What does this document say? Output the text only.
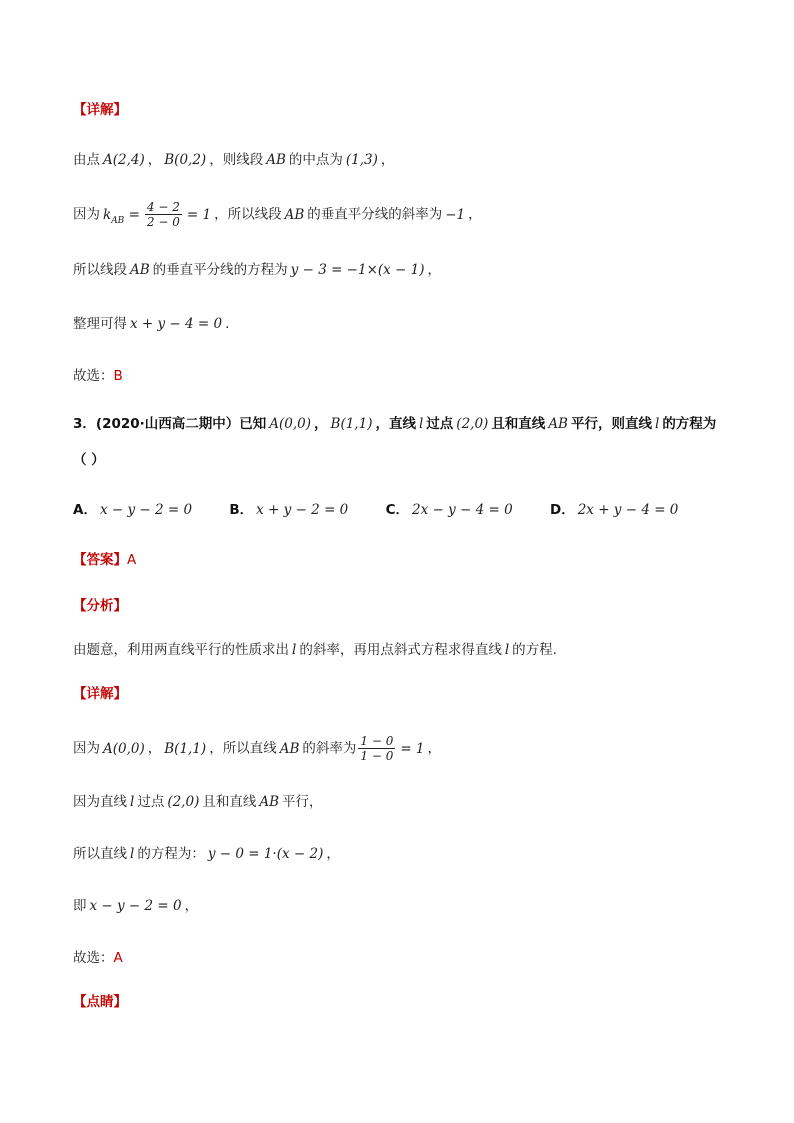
【详解】
由点 A(2,4) ， B(0,2) ，则线段 AB 的中点为 (1,3) ，
因为 $k_{AB} = \frac{4 - 2}{2 - 0} = 1$ ，所以线段 AB 的垂直平分线的斜率为 −1 ，
所以线段 AB 的垂直平分线的方程为 y − 3 = −1×(x − 1) ，
整理可得 x + y − 4 = 0 .
故选：B
3．(2020·山西高二期中）已知 A(0,0) ， B(1,1) ，直线 l 过点 (2,0) 且和直线 AB 平行，则直线 l 的方程为
（ ）
A． x − y − 2 = 0	B． x + y − 2 = 0	C． 2x − y − 4 = 0	D． 2x + y − 4 = 0
【答案】A
【分析】
由题意，利用两直线平行的性质求出 l 的斜率，再用点斜式方程求得直线 l 的方程.
【详解】
因为 A(0,0) ， B(1,1) ，所以直线 AB 的斜率为 $\frac{1 - 0}{1 - 0} = 1$ ，
因为直线 l 过点 (2,0) 且和直线 AB 平行，
所以直线 l 的方程为： y − 0 = 1·(x − 2) ，
即 x − y − 2 = 0 ，
故选：A
【点睛】
